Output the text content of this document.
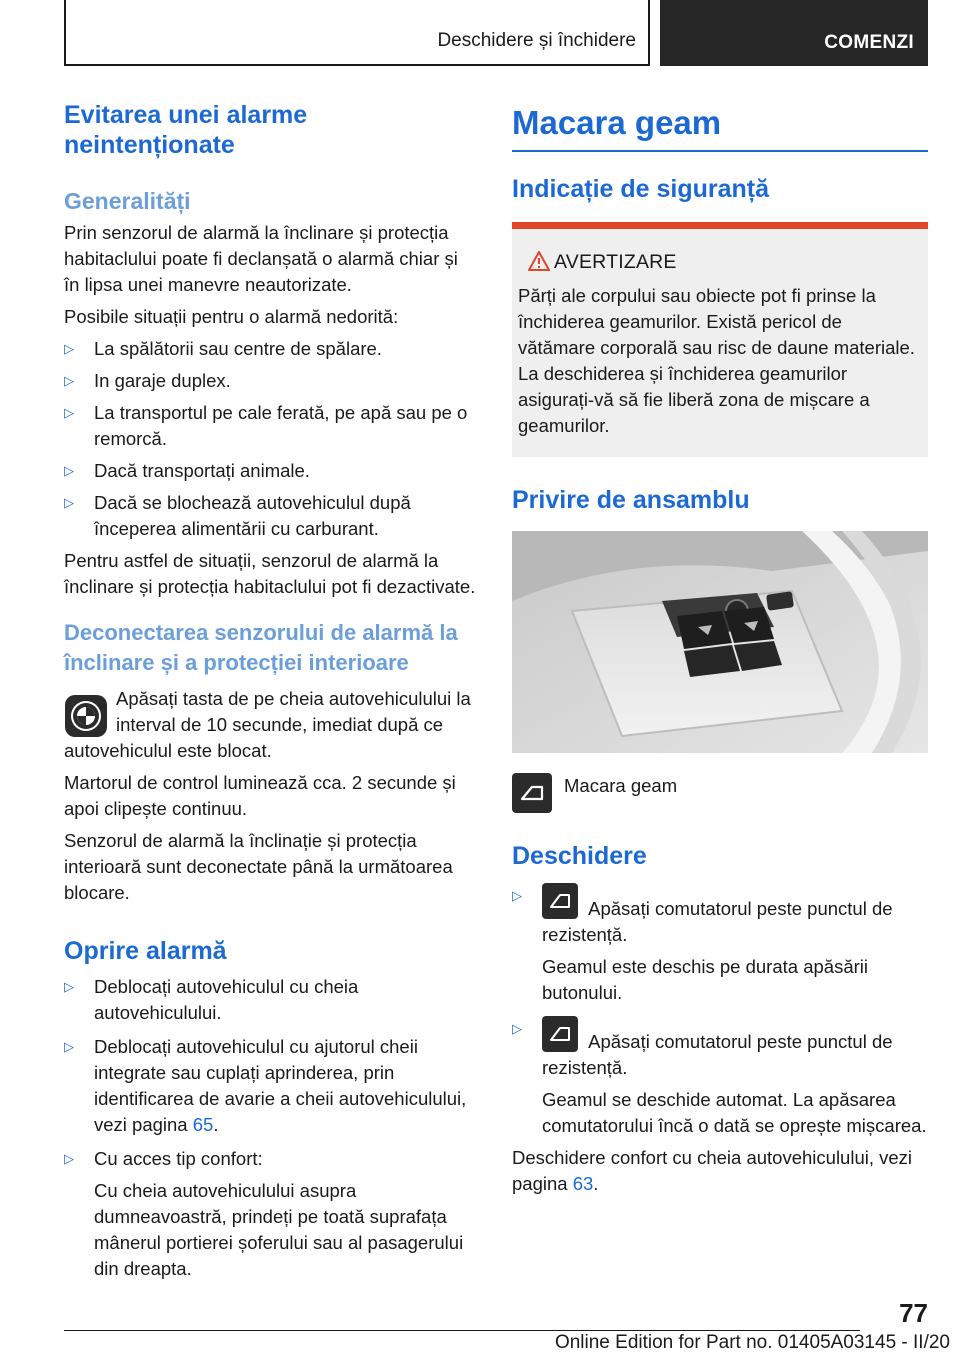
Deschidere și închidere	COMENZI
Evitarea unei alarme neintenționate
Generalități

Prin senzorul de alarmă la înclinare și protecția habitaclului poate fi declanșată o alarmă chiar și în lipsa unei manevre neautorizate.

Posibile situații pentru o alarmă nedorită:

▷ La spălătorii sau centre de spălare.
▷ In garaje duplex.
▷ La transportul pe cale ferată, pe apă sau pe o remorcă.
▷ Dacă transportați animale.
▷ Dacă se blochează autovehiculul după începerea alimentării cu carburant.

Pentru astfel de situații, senzorul de alarmă la înclinare și protecția habitaclului pot fi dezactivate.

Deconectarea senzorului de alarmă la înclinare și a protecției interioare

Apăsați tasta de pe cheia autovehiculului la interval de 10 secunde, imediat după ce autovehiculul este blocat.

Martorul de control luminează cca. 2 secunde și apoi clipește continuu.

Senzorul de alarmă la înclinație și protecția interioară sunt deconectate până la următoarea blocare.

Oprire alarmă
▷ Deblocați autovehiculul cu cheia autovehiculului.
▷ Deblocați autovehiculul cu ajutorul cheii integrate sau cuplați aprinderea, prin identificarea de avarie a cheii autovehiculului, vezi pagina 65.
▷ Cu acces tip confort:

Cu cheia autovehiculului asupra dumneavoastră, prindeți pe toată suprafața mânerul portierei șoferului sau al pasagerului din dreapta.

Macara geam
Indicație de siguranță
AVERTIZARE

Părți ale corpului sau obiecte pot fi prinse la închiderea geamurilor. Există pericol de vătămare corporală sau risc de daune materiale. La deschiderea și închiderea geamurilor asigurați-vă să fie liberă zona de mișcare a geamurilor.

Privire de ansamblu

Macara geam

Deschidere
▷
Apăsați comutatorul peste punctul de rezistență.

Geamul este deschis pe durata apăsării butonului.

▷
Apăsați comutatorul peste punctul de rezistență.

Geamul se deschide automat. La apăsarea comutatorului încă o dată se oprește mișcarea.

Deschidere confort cu cheia autovehiculului, vezi pagina 63.

77
Online Edition for Part no. 01405A03145 - II/20
